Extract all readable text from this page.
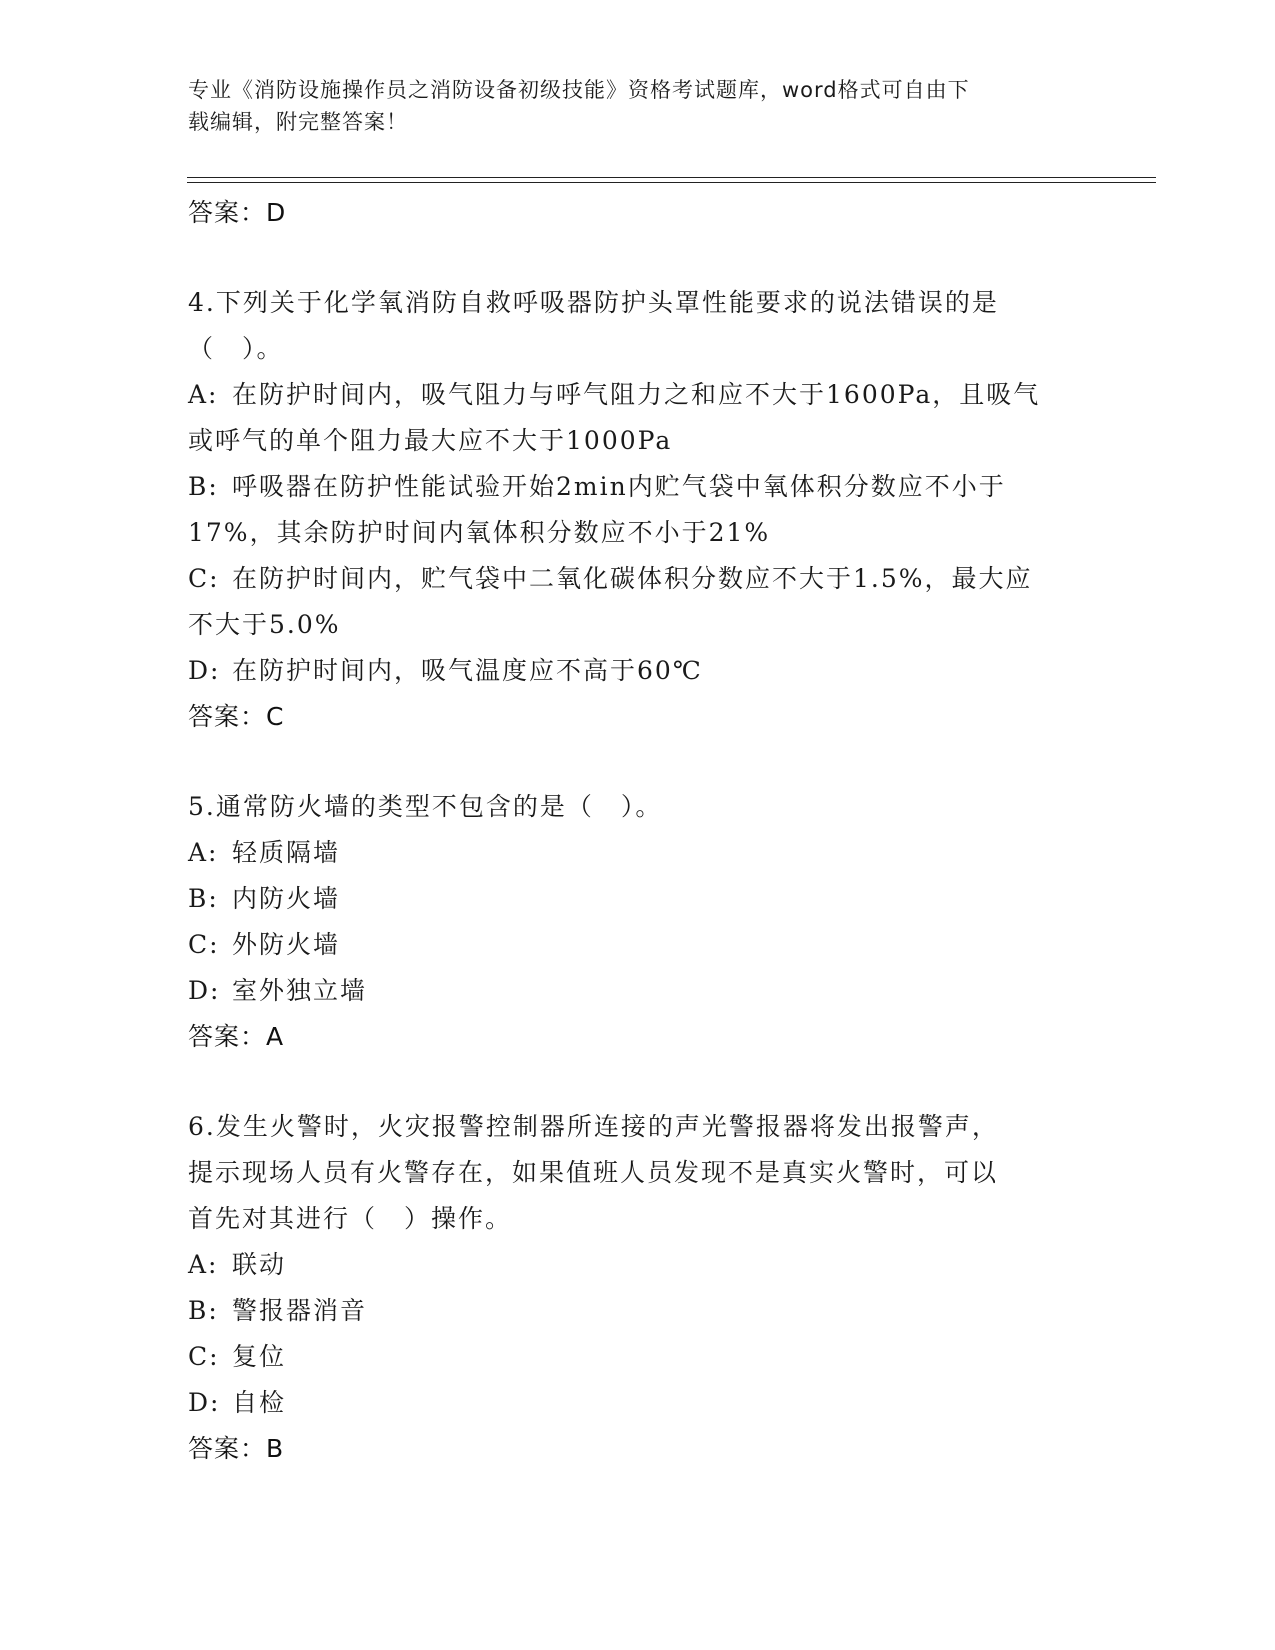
专业《消防设施操作员之消防设备初级技能》资格考试题库，word格式可自由下
载编辑，附完整答案！
答案：D
4.下列关于化学氧消防自救呼吸器防护头罩性能要求的说法错误的是
（　）。
A: 在防护时间内，吸气阻力与呼气阻力之和应不大于1600Pa，且吸气
或呼气的单个阻力最大应不大于1000Pa
B: 呼吸器在防护性能试验开始2min内贮气袋中氧体积分数应不小于
17%，其余防护时间内氧体积分数应不小于21%
C: 在防护时间内，贮气袋中二氧化碳体积分数应不大于1.5%，最大应
不大于5.0%
D: 在防护时间内，吸气温度应不高于60℃
答案：C
5.通常防火墙的类型不包含的是（　）。
A: 轻质隔墙
B: 内防火墙
C: 外防火墙
D: 室外独立墙
答案：A
6.发生火警时，火灾报警控制器所连接的声光警报器将发出报警声，
提示现场人员有火警存在，如果值班人员发现不是真实火警时，可以
首先对其进行（　）操作。
A: 联动
B: 警报器消音
C: 复位
D: 自检
答案：B
